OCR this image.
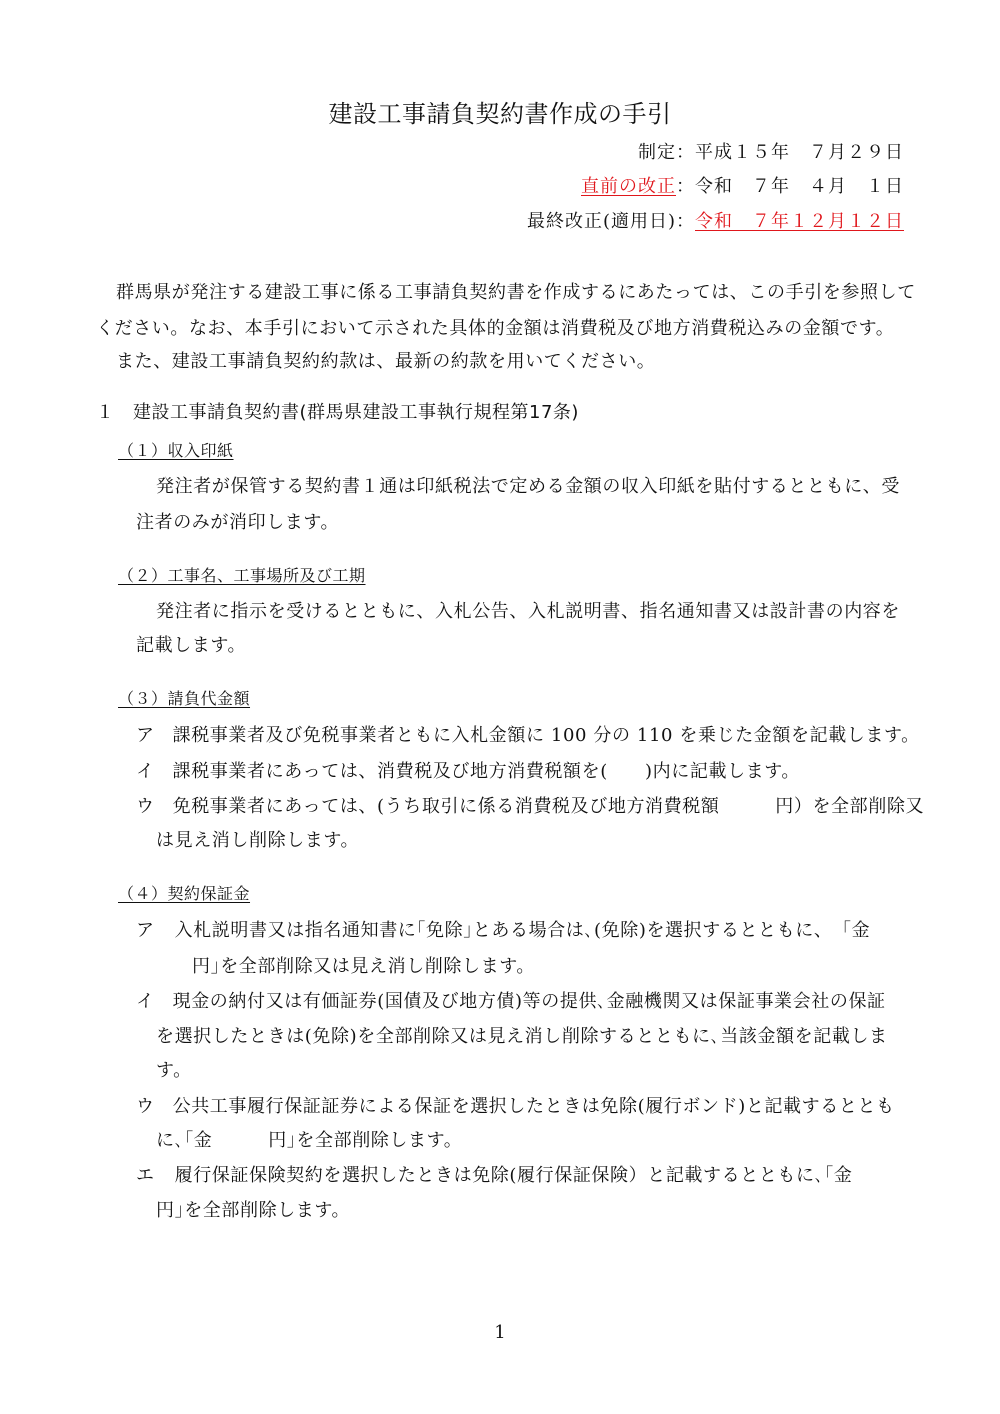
建設工事請負契約書作成の手引
制定：平成１５年　７月２９日
直前の改正：令和　７年　４月　１日
最終改正(適用日)：令和　７年１２月１２日
群馬県が発注する建設工事に係る工事請負契約書を作成するにあたっては、この手引を参照して
ください。なお、本手引において示された具体的金額は消費税及び地方消費税込みの金額です。
また、建設工事請負契約約款は、最新の約款を用いてください。
１　建設工事請負契約書(群馬県建設工事執行規程第17条)
（１）収入印紙
発注者が保管する契約書１通は印紙税法で定める金額の収入印紙を貼付するとともに、受
注者のみが消印します。
（２）工事名、工事場所及び工期
発注者に指示を受けるとともに、入札公告、入札説明書、指名通知書又は設計書の内容を
記載します。
（３）請負代金額
ア 課税事業者及び免税事業者ともに入札金額に 100 分の 110 を乗じた金額を記載します。
イ 課税事業者にあっては、消費税及び地方消費税額を(　　)内に記載します。
ウ 免税事業者にあっては、(うち取引に係る消費税及び地方消費税額　　　円）を全部削除又
は見え消し削除します。
（４）契約保証金
ア 入札説明書又は指名通知書に｢免除｣とある場合は､(免除)を選択するとともに、　「金
円｣を全部削除又は見え消し削除します。
イ 現金の納付又は有価証券(国債及び地方債)等の提供､金融機関又は保証事業会社の保証
を選択したときは(免除)を全部削除又は見え消し削除するとともに､当該金額を記載しま
す。
ウ 公共工事履行保証証券による保証を選択したときは免除(履行ボンド)と記載するととも
に､｢金　　　円｣を全部削除します。
エ 履行保証保険契約を選択したときは免除(履行保証保険）と記載するとともに､｢金
円｣を全部削除します。
1
